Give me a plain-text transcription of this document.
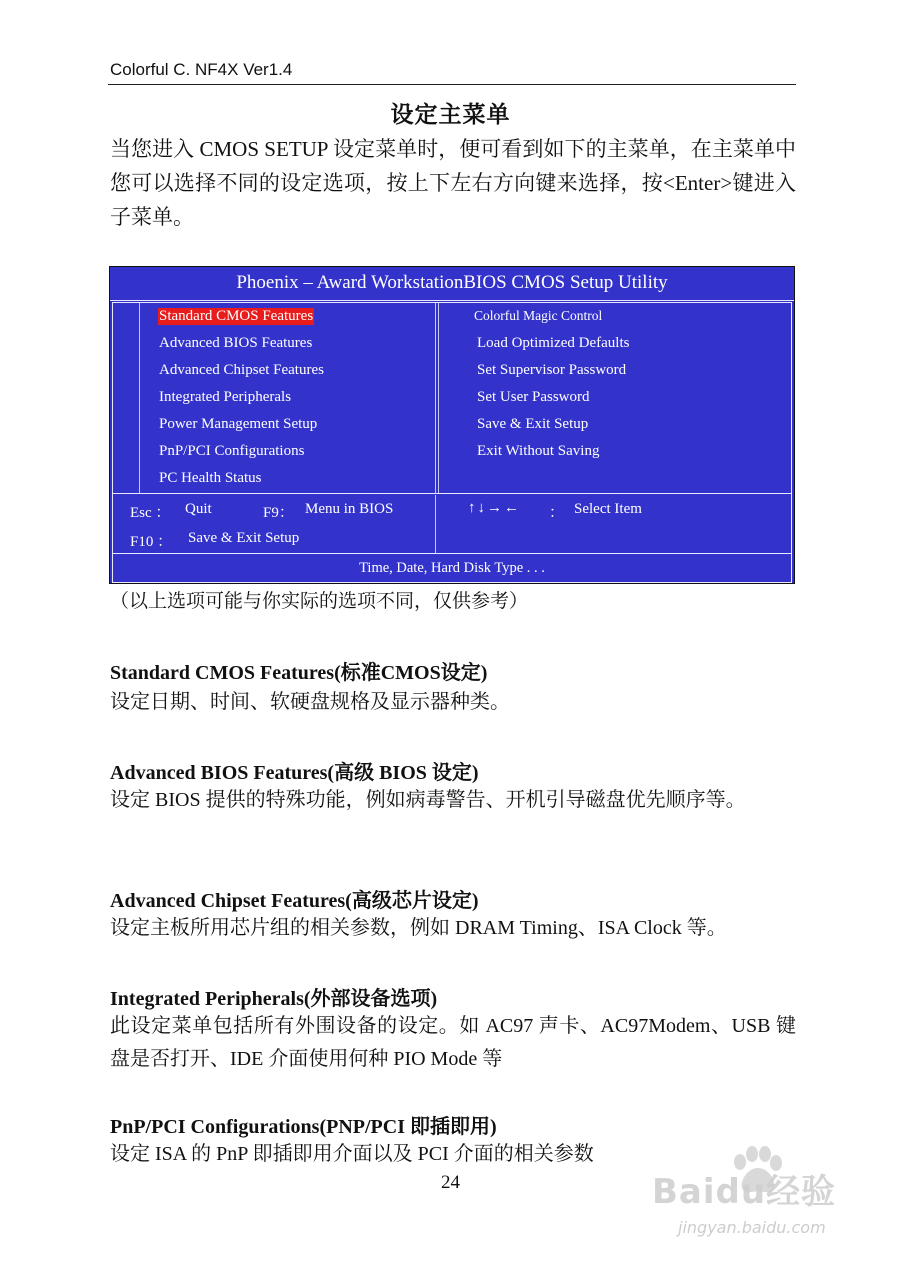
Colorful C. NF4X Ver1.4
设定主菜单
当您进入 CMOS SETUP 设定菜单时，便可看到如下的主菜单，在主菜单中您可以选择不同的设定选项，按上下左右方向键来选择，按<Enter>键进入子菜单。
Phoenix – Award WorkstationBIOS CMOS Setup Utility
Standard CMOS Features
Advanced BIOS Features
Advanced Chipset Features
Integrated Peripherals
Power Management Setup
PnP/PCI Configurations
PC Health Status
Colorful Magic Control
Load Optimized Defaults
Set Supervisor Password
Set User Password
Save & Exit Setup
Exit Without Saving
Esc ： Quit	F9： Menu in BIOS	↑↓→← ： Select Item
F10 ： Save & Exit Setup
Time, Date, Hard Disk Type . . .
（以上选项可能与你实际的选项不同，仅供参考）
Standard CMOS Features(标准CMOS设定)
设定日期、时间、软硬盘规格及显示器种类。
Advanced BIOS Features(高级 BIOS 设定)
设定 BIOS 提供的特殊功能，例如病毒警告、开机引导磁盘优先顺序等。
Advanced Chipset Features(高级芯片设定)
设定主板所用芯片组的相关参数，例如 DRAM Timing、ISA Clock 等。
Integrated Peripherals(外部设备选项)
此设定菜单包括所有外围设备的设定。如 AC97 声卡、AC97Modem、USB 键盘是否打开、IDE 介面使用何种 PIO Mode 等
PnP/PCI Configurations(PNP/PCI 即插即用)
设定 ISA 的 PnP 即插即用介面以及 PCI 介面的相关参数
24	Baidu经验
jingyan.baidu.com
